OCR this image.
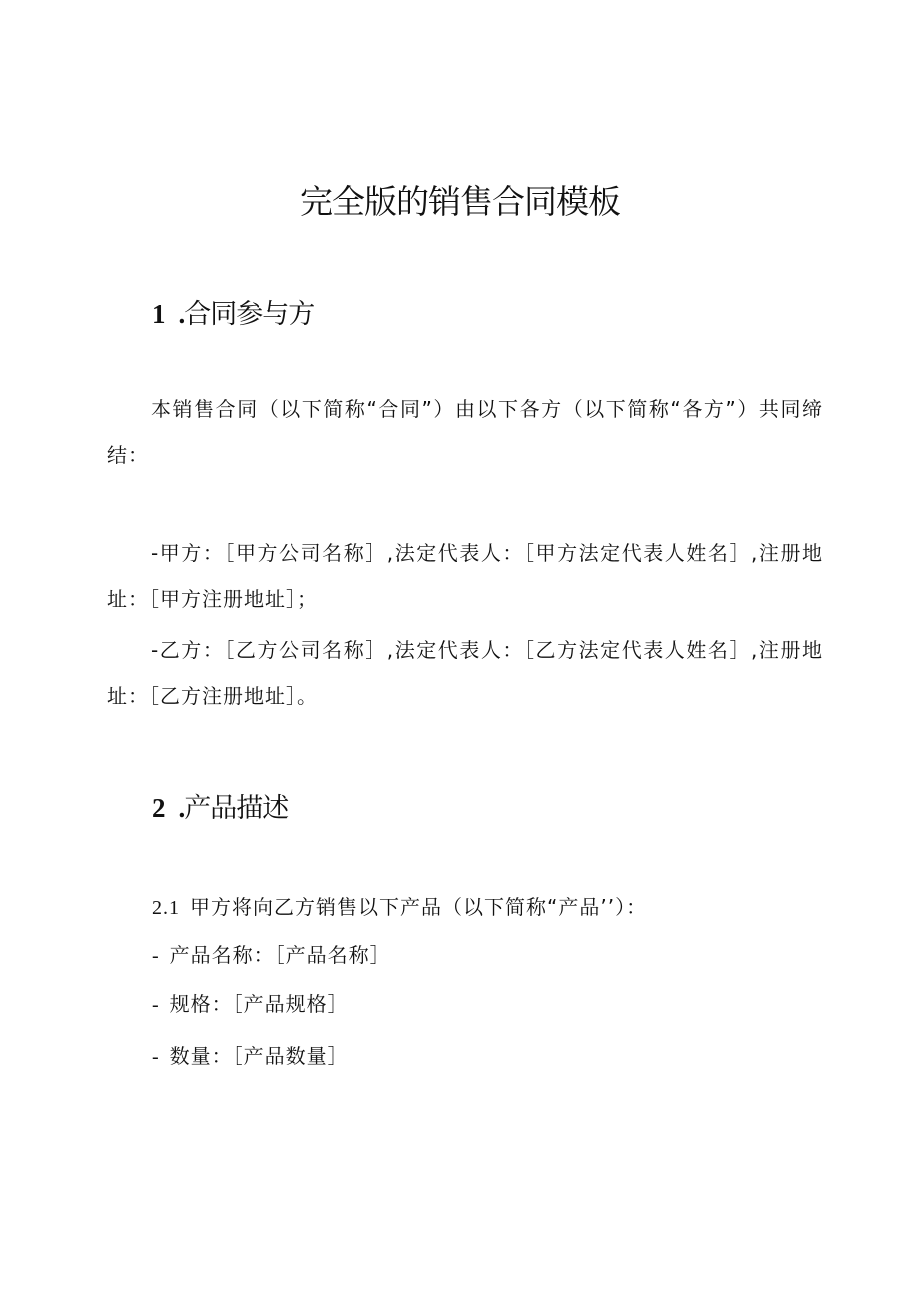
完全版的销售合同模板
1 .合同参与方

本销售合同（以下简称“合同”）由以下各方（以下简称“各方”）共同缔结：

-甲方：［甲方公司名称］,法定代表人：［甲方法定代表人姓名］,注册地址：［甲方注册地址］；

-乙方：［乙方公司名称］,法定代表人：［乙方法定代表人姓名］,注册地址：［乙方注册地址］。

2 .产品描述

2.1 甲方将向乙方销售以下产品（以下简称“产品’’）：

- 产品名称：［产品名称］

- 规格：［产品规格］

- 数量：［产品数量］
